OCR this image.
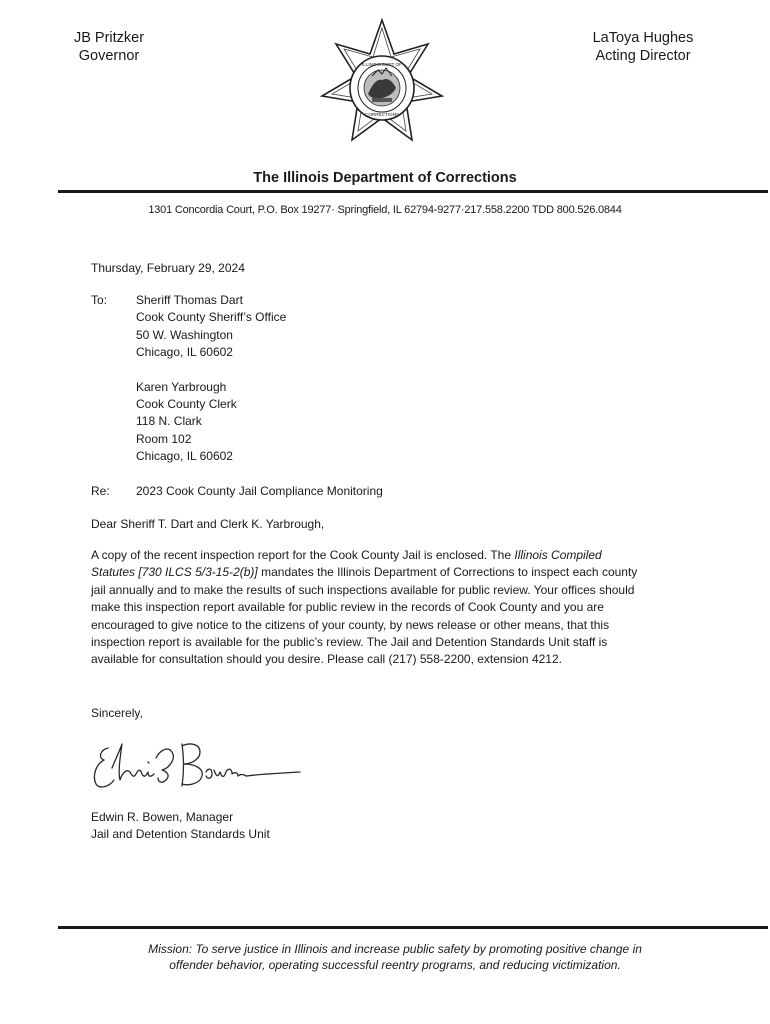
JB Pritzker
Governor
ILLINOIS DEPT OF
CORRECTIONS
LaToya Hughes
Acting Director
The Illinois Department of Corrections
1301 Concordia Court, P.O. Box 19277· Springfield, IL 62794-9277·217.558.2200 TDD 800.526.0844
Thursday, February 29, 2024
To: Sheriff Thomas Dart
Cook County Sheriff’s Office
50 W. Washington
Chicago, IL 60602
Karen Yarbrough
Cook County Clerk
118 N. Clark
Room 102
Chicago, IL 60602
Re: 2023 Cook County Jail Compliance Monitoring
Dear Sheriff T. Dart and Clerk K. Yarbrough,

A copy of the recent inspection report for the Cook County Jail is enclosed. The Illinois Compiled

Statutes [730 ILCS 5/3-15-2(b)] mandates the Illinois Department of Corrections to inspect each county

jail annually and to make the results of such inspections available for public review. Your offices should

make this inspection report available for public review in the records of Cook County and you are

encouraged to give notice to the citizens of your county, by news release or other means, that this

inspection report is available for the public’s review. The Jail and Detention Standards Unit staff is

available for consultation should you desire. Please call (217) 558-2200, extension 4212.

Sincerely,
Edwin R. Bowen, Manager
Jail and Detention Standards Unit
Mission: To serve justice in Illinois and increase public safety by promoting positive change in
offender behavior, operating successful reentry programs, and reducing victimization.
